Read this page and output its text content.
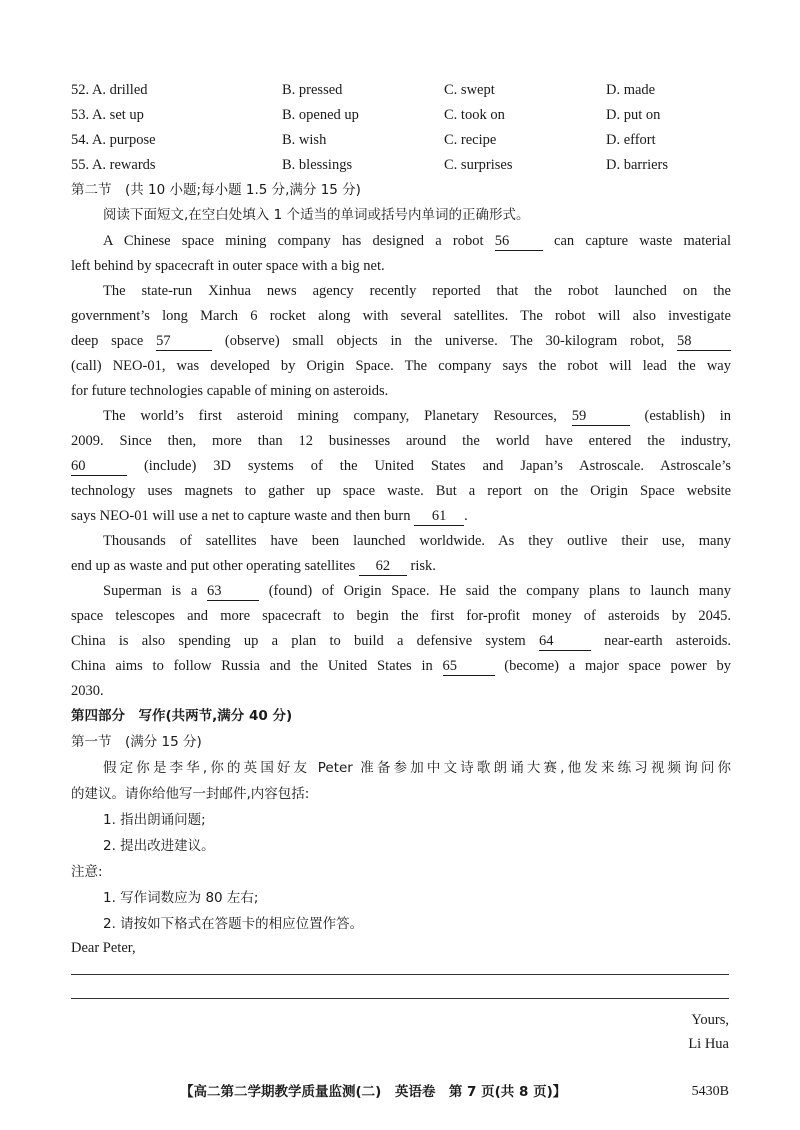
52. A. drilled	B. pressed	C. swept	D. made
53. A. set up	B. opened up	C. took on	D. put on
54. A. purpose	B. wish	C. recipe	D. effort
55. A. rewards	B. blessings	C. surprises	D. barriers
第二节　(共 10 小题;每小题 1.5 分,满分 15 分)
阅读下面短文,在空白处填入 1 个适当的单词或括号内单词的正确形式。
A Chinese space mining company has designed a robot 56	can capture waste material
left behind by spacecraft in outer space with a big net.
The state-run Xinhua news agency recently reported that the robot launched on the
government’s long March 6 rocket along with several satellites. The robot will also investigate
deep space 57	(observe) small objects in the universe. The 30-kilogram robot, 58
(call) NEO-01, was developed by Origin Space. The company says the robot will lead the way
for future technologies capable of mining on asteroids.
The world’s first asteroid mining company, Planetary Resources, 59	(establish) in
2009. Since then, more than 12 businesses around the world have entered the industry,
60	(include) 3D systems of the United States and Japan’s Astroscale. Astroscale’s
technology uses magnets to gather up space waste. But a report on the Origin Space website
says NEO-01 will use a net to capture waste and then burn 61 .
Thousands of satellites have been launched worldwide. As they outlive their use, many
end up as waste and put other operating satellites 62 risk.
Superman is a 63	(found) of Origin Space. He said the company plans to launch many
space telescopes and more spacecraft to begin the first for-profit money of asteroids by 2045.
China is also spending up a plan to build a defensive system 64	near-earth asteroids.
China aims to follow Russia and the United States in 65	(become) a major space power by
2030.
第四部分　写作(共两节,满分 40 分)
第一节　(满分 15 分)
假定你是李华,你的英国好友 Peter 准备参加中文诗歌朗诵大赛,他发来练习视频询问你
的建议。请你给他写一封邮件,内容包括:
1. 指出朗诵问题;
2. 提出改进建议。
注意:
1. 写作词数应为 80 左右;
2. 请按如下格式在答题卡的相应位置作答。
Dear Peter,
Yours,
Li Hua
【高二第二学期教学质量监测(二)　英语卷　第 7 页(共 8 页)】	5430B
